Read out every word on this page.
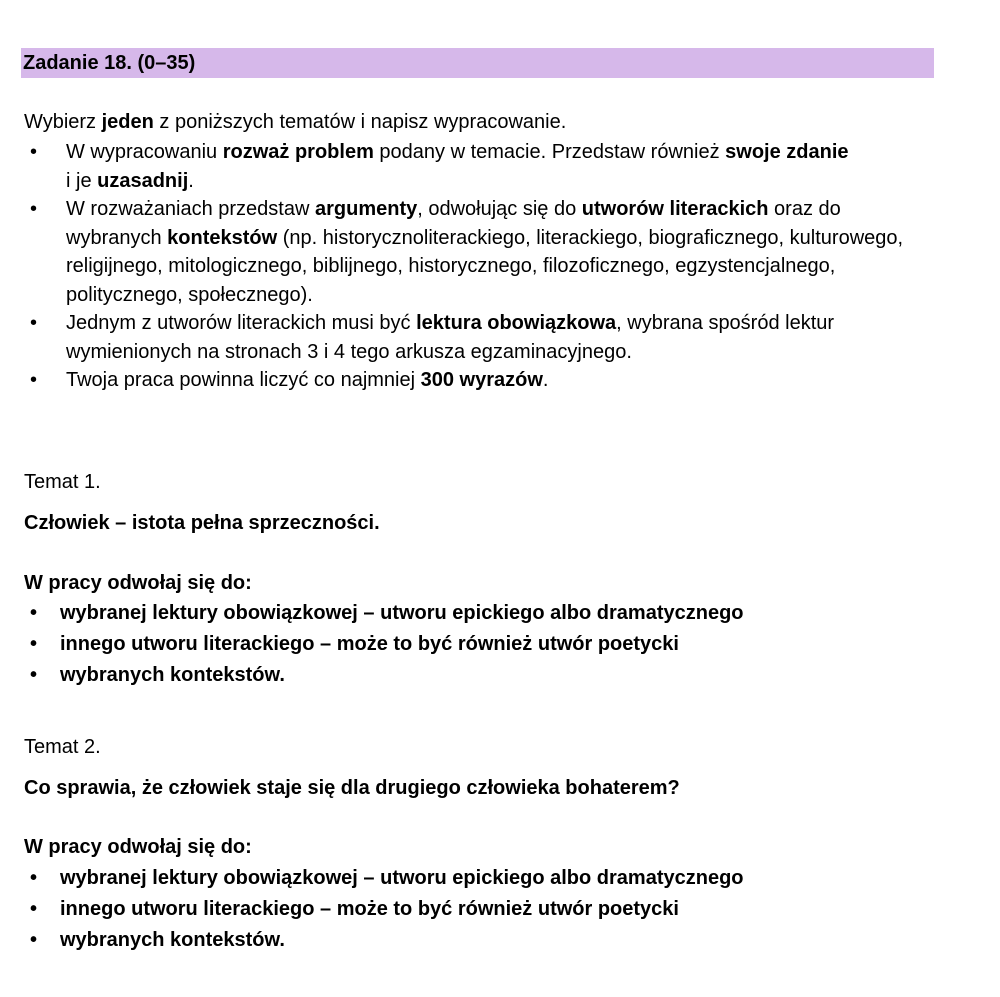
Zadanie 18. (0–35)
Wybierz jeden z poniższych tematów i napisz wypracowanie.
• W wypracowaniu rozważ problem podany w temacie. Przedstaw również swoje zdanie
i je uzasadnij.
• W rozważaniach przedstaw argumenty, odwołując się do utworów literackich oraz do wybranych kontekstów (np. historycznoliterackiego, literackiego, biograficznego, kulturowego, religijnego, mitologicznego, biblijnego, historycznego, filozoficznego, egzystencjalnego, politycznego, społecznego).
• Jednym z utworów literackich musi być lektura obowiązkowa, wybrana spośród lektur wymienionych na stronach 3 i 4 tego arkusza egzaminacyjnego.
• Twoja praca powinna liczyć co najmniej 300 wyrazów.
Temat 1.
Człowiek – istota pełna sprzeczności.
W pracy odwołaj się do:
• wybranej lektury obowiązkowej – utworu epickiego albo dramatycznego
• innego utworu literackiego – może to być również utwór poetycki
• wybranych kontekstów.
Temat 2.
Co sprawia, że człowiek staje się dla drugiego człowieka bohaterem?
W pracy odwołaj się do:
• wybranej lektury obowiązkowej – utworu epickiego albo dramatycznego
• innego utworu literackiego – może to być również utwór poetycki
• wybranych kontekstów.
